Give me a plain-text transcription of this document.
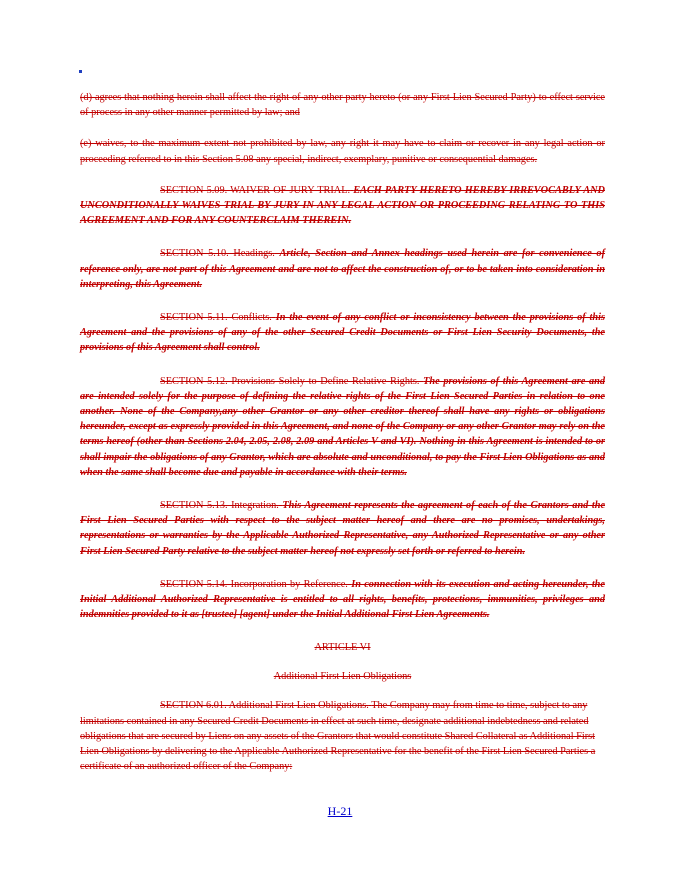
(d) agrees that nothing herein shall affect the right of any other party hereto (or any First Lien Secured Party) to effect service of process in any other manner permitted by law; and

(e) waives, to the maximum extent not prohibited by law, any right it may have to claim or recover in any legal action or proceeding referred to in this Section 5.08 any special, indirect, exemplary, punitive or consequential damages.

SECTION 5.09. WAIVER OF JURY TRIAL. EACH PARTY HERETO HEREBY IRREVOCABLY AND UNCONDITIONALLY WAIVES TRIAL BY JURY IN ANY LEGAL ACTION OR PROCEEDING RELATING TO THIS AGREEMENT AND FOR ANY COUNTERCLAIM THEREIN.

SECTION 5.10. Headings. Article, Section and Annex headings used herein are for convenience of reference only, are not part of this Agreement and are not to affect the construction of, or to be taken into consideration in interpreting, this Agreement.

SECTION 5.11. Conflicts. In the event of any conflict or inconsistency between the provisions of this Agreement and the provisions of any of the other Secured Credit Documents or First Lien Security Documents, the provisions of this Agreement shall control.

SECTION 5.12. Provisions Solely to Define Relative Rights. The provisions of this Agreement are and are intended solely for the purpose of defining the relative rights of the First Lien Secured Parties in relation to one another. None of the Company,any other Grantor or any other creditor thereof shall have any rights or obligations hereunder, except as expressly provided in this Agreement, and none of the Company or any other Grantor may rely on the terms hereof (other than Sections 2.04, 2.05, 2.08, 2.09 and Articles V and VI). Nothing in this Agreement is intended to or shall impair the obligations of any Grantor, which are absolute and unconditional, to pay the First Lien Obligations as and when the same shall become due and payable in accordance with their terms.

SECTION 5.13. Integration. This Agreement represents the agreement of each of the Grantors and the First Lien Secured Parties with respect to the subject matter hereof and there are no promises, undertakings, representations or warranties by the Applicable Authorized Representative, any Authorized Representative or any other First Lien Secured Party relative to the subject matter hereof not expressly set forth or referred to herein.

SECTION 5.14. Incorporation by Reference. In connection with its execution and acting hereunder, the Initial Additional Authorized Representative is entitled to all rights, benefits, protections, immunities, privileges and indemnities provided to it as [trustee] [agent] under the Initial Additional First Lien Agreements.

ARTICLE VI

Additional First Lien Obligations

SECTION 6.01. Additional First Lien Obligations. The Company may from time to time, subject to any limitations contained in any Secured Credit Documents in effect at such time, designate additional indebtedness and related obligations that are secured by Liens on any assets of the Grantors that would constitute Shared Collateral as Additional First Lien Obligations by delivering to the Applicable Authorized Representative for the benefit of the First Lien Secured Parties a certificate of an authorized officer of the Company:

H-21
